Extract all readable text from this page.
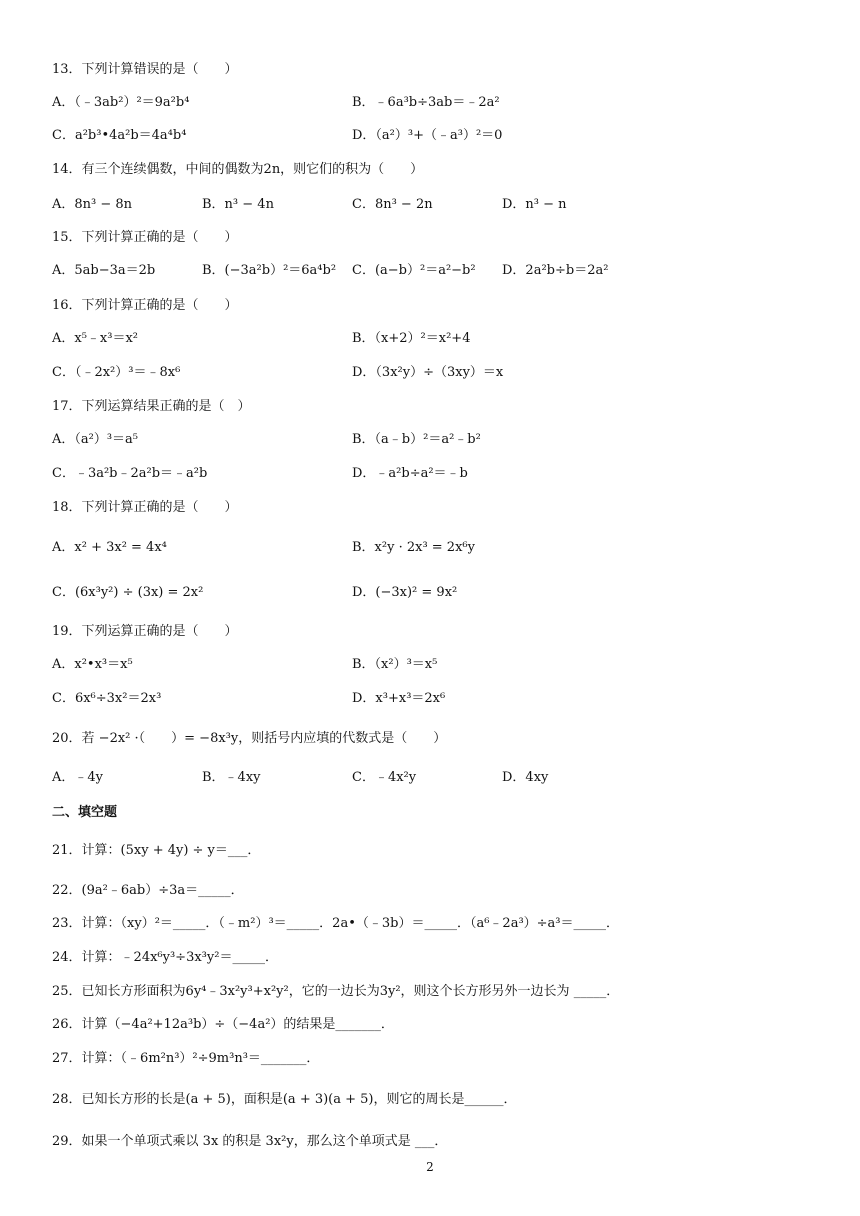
13．下列计算错误的是（　　）
A．（﹣3ab²）²＝9a²b⁴	B．﹣6a³b÷3ab＝﹣2a²
C．a²b³•4a²b＝4a⁴b⁴	D．（a²）³+（﹣a³）²＝0
14．有三个连续偶数，中间的偶数为2n，则它们的积为（　　）
A．8n³ − 8n	B．n³ − 4n	C．8n³ − 2n	D．n³ − n
15．下列计算正确的是（　　）
A．5ab−3a＝2b	B．(−3a²b）²＝6a⁴b² C．(a−b）²＝a²−b² D．2a²b÷b＝2a²
16．下列计算正确的是（　　）
A．x⁵﹣x³＝x²	B．（x+2）²＝x²+4
C．（﹣2x²）³＝﹣8x⁶	D．（3x²y）÷（3xy）＝x
17．下列运算结果正确的是（　）
A．（a²）³＝a⁵	B．（a﹣b）²＝a²﹣b²
C．﹣3a²b﹣2a²b＝﹣a²b	D．﹣a²b÷a²＝﹣b
18．下列计算正确的是（　　）
A．x² + 3x² = 4x⁴	B．x²y · 2x³ = 2x⁶y
C．(6x³y²) ÷ (3x) = 2x²	D．(−3x)² = 9x²
19．下列运算正确的是（　　）
A．x²•x³＝x⁵	B．（x²）³＝x⁵
C．6x⁶÷3x²＝2x³	D．x³+x³＝2x⁶
20．若 −2x² ·（　　）= −8x³y，则括号内应填的代数式是（　　）
A．﹣4y	B．﹣4xy	C．﹣4x²y	D．4xy
二、填空题
21．计算：(5xy + 4y) ÷ y＝___．
22．(9a²﹣6ab）÷3a＝_____．
23．计算：（xy）²＝_____．（﹣m²）³＝_____．2a•（﹣3b）＝_____．（a⁶﹣2a³）÷a³＝_____．
24．计算：﹣24x⁶y³÷3x³y²＝_____．
25．已知长方形面积为6y⁴﹣3x²y³+x²y²，它的一边长为3y²，则这个长方形另外一边长为 _____．
26．计算（−4a²+12a³b）÷（−4a²）的结果是_______．
27．计算：（﹣6m²n³）²÷9m³n³＝_______．
28．已知长方形的长是(a + 5)，面积是(a + 3)(a + 5)，则它的周长是______．
29．如果一个单项式乘以 3x 的积是 3x²y，那么这个单项式是 ___．
2
